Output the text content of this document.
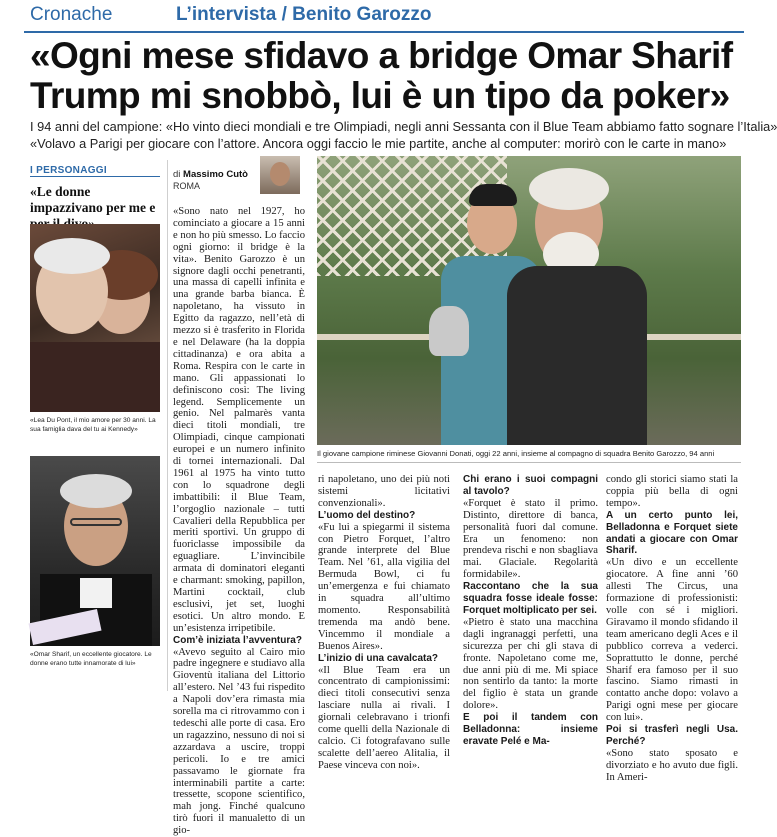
Cronache	L’intervista / Benito Garozzo
«Ogni mese sfidavo a bridge Omar Sharif
Trump mi snobbò, lui è un tipo da poker»
I 94 anni del campione: «Ho vinto dieci mondiali e tre Olimpiadi, negli anni Sessanta con il Blue Team abbiamo fatto sognare l’Italia»
«Volavo a Parigi per giocare con l’attore. Ancora oggi faccio le mie partite, anche al computer: morirò con le carte in mano»
I PERSONAGGI
«Le donne impazzivano per me e
«Lea Du Pont, il mio amore per 30 anni. La sua famiglia dava del tu ai Kennedy»
«Omar Sharif, un eccellente giocatore. Le donne erano tutte innamorate di lui»
di Massimo Cutò
ROMA

«Sono nato nel 1927, ho cominciato a giocare a 15 anni e non ho più smesso. Lo faccio ogni giorno: il bridge è la vita». Benito Garozzo è un signore dagli occhi penetranti, una massa di capelli infinita e una grande barba bianca. È napoletano, ha vissuto in Egitto da ragazzo, nell’età di mezzo si è trasferito in Florida e nel Delaware (ha la doppia cittadinanza) e ora abita a Roma. Respira con le carte in mano. Gli appassionati lo definiscono così: The living legend. Semplicemente un genio. Nel palmarès vanta dieci titoli mondiali, tre Olimpiadi, cinque campionati europei e un numero infinito di tornei internazionali. Dal 1961 al 1975 ha vinto tutto con lo squadrone degli imbattibili: il Blue Team, l’orgoglio nazionale – tutti Cavalieri della Repubblica per meriti sportivi. Un gruppo di fuoriclasse impossibile da eguagliare. L’invincibile armata di dominatori eleganti e charmant: smoking, papillon, Martini cocktail, club esclusivi, jet set, luoghi esotici. Un altro mondo. E un’esistenza irripetibile.

Com’è iniziata l’avventura?

«Avevo seguito al Cairo mio padre ingegnere e studiavo alla Gioventù italiana del Littorio all’estero. Nel ’43 fui rispedito a Napoli dov’era rimasta mia sorella ma ci ritrovammo con i tedeschi alle porte di casa. Ero un ragazzino, nessuno di noi si azzardava a uscire, troppi pericoli. Io e tre amici passavamo le giornate fra interminabili partite a carte: tressette, scopone scientifico, mah jong. Finché qualcuno tirò fuori il manualetto di un gio-

Il giovane campione riminese Giovanni Donati, oggi 22 anni, insieme al compagno di squadra Benito Garozzo, 94 anni

ri napoletano, uno dei più noti sistemi licitativi convenzionali».

L’uomo del destino?

«Fu lui a spiegarmi il sistema con Pietro Forquet, l’altro grande interprete del Blue Team. Nel ’61, alla vigilia del Bermuda Bowl, ci fu un’emergenza e fui chiamato in squadra all’ultimo momento. Responsabilità tremenda ma andò bene. Vincemmo il mondiale a Buenos Aires».

L’inizio di una cavalcata?

«Il Blue Team era un concentrato di campionissimi: dieci titoli consecutivi senza lasciare nulla ai rivali. I giornali celebravano i trionfi come quelli della Nazionale di calcio. Ci fotografavano sulle scalette dell’aereo Alitalia, il Paese vinceva con noi».

Chi erano i suoi compagni al tavolo?

«Forquet è stato il primo. Distinto, direttore di banca, personalità fuori dal comune. Era un fenomeno: non prendeva rischi e non sbagliava mai. Glaciale. Regolarità formidabile».

Raccontano che la sua squadra fosse ideale fosse: Forquet moltiplicato per sei.

«Pietro è stato una macchina dagli ingranaggi perfetti, una sicurezza per chi gli stava di fronte. Napoletano come me, due anni più di me. Mi spiace non sentirlo da tanto: la morte del figlio è stata un grande dolore».

E poi il tandem con Belladonna: insieme eravate Pelé e Ma-

condo gli storici siamo stati la coppia più bella di ogni tempo».

A un certo punto lei, Belladonna e Forquet siete andati a giocare con Omar Sharif.

«Un divo e un eccellente giocatore. A fine anni ’60 allestì The Circus, una formazione di professionisti: volle con sé i migliori. Giravamo il mondo sfidando il team americano degli Aces e il pubblico correva a vederci. Soprattutto le donne, perché Sharif era famoso per il suo fascino. Siamo rimasti in contatto anche dopo: volavo a Parigi ogni mese per giocare con lui».

Poi si trasferì negli Usa. Perché?

«Sono stato sposato e divorziato e ho avuto due figli. In Ameri-
